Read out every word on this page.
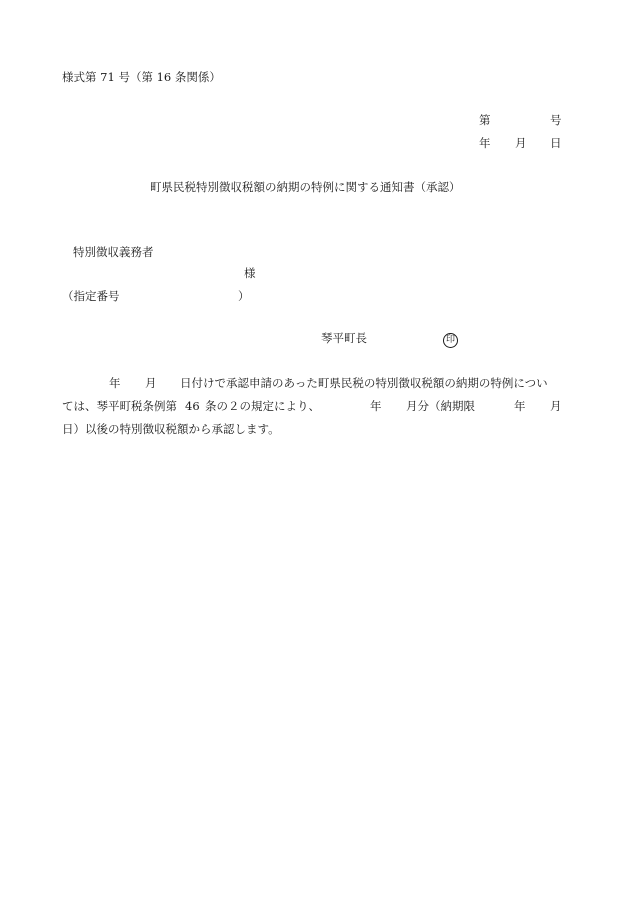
様式第 71 号（第 16 条関係）
第	号
年 月 日
町県民税特別徴収税額の納期の特例に関する通知書（承認）
特別徴収義務者
様
（指定番号	）
琴平町長	印
年 月 日付けで承認申請のあった町県民税の特別徴収税額の納期の特例につい
ては、琴平町税条例第 46 条の２の規定により、	年 月分（納期限	年 月
日）以後の特別徴収税額から承認します。
